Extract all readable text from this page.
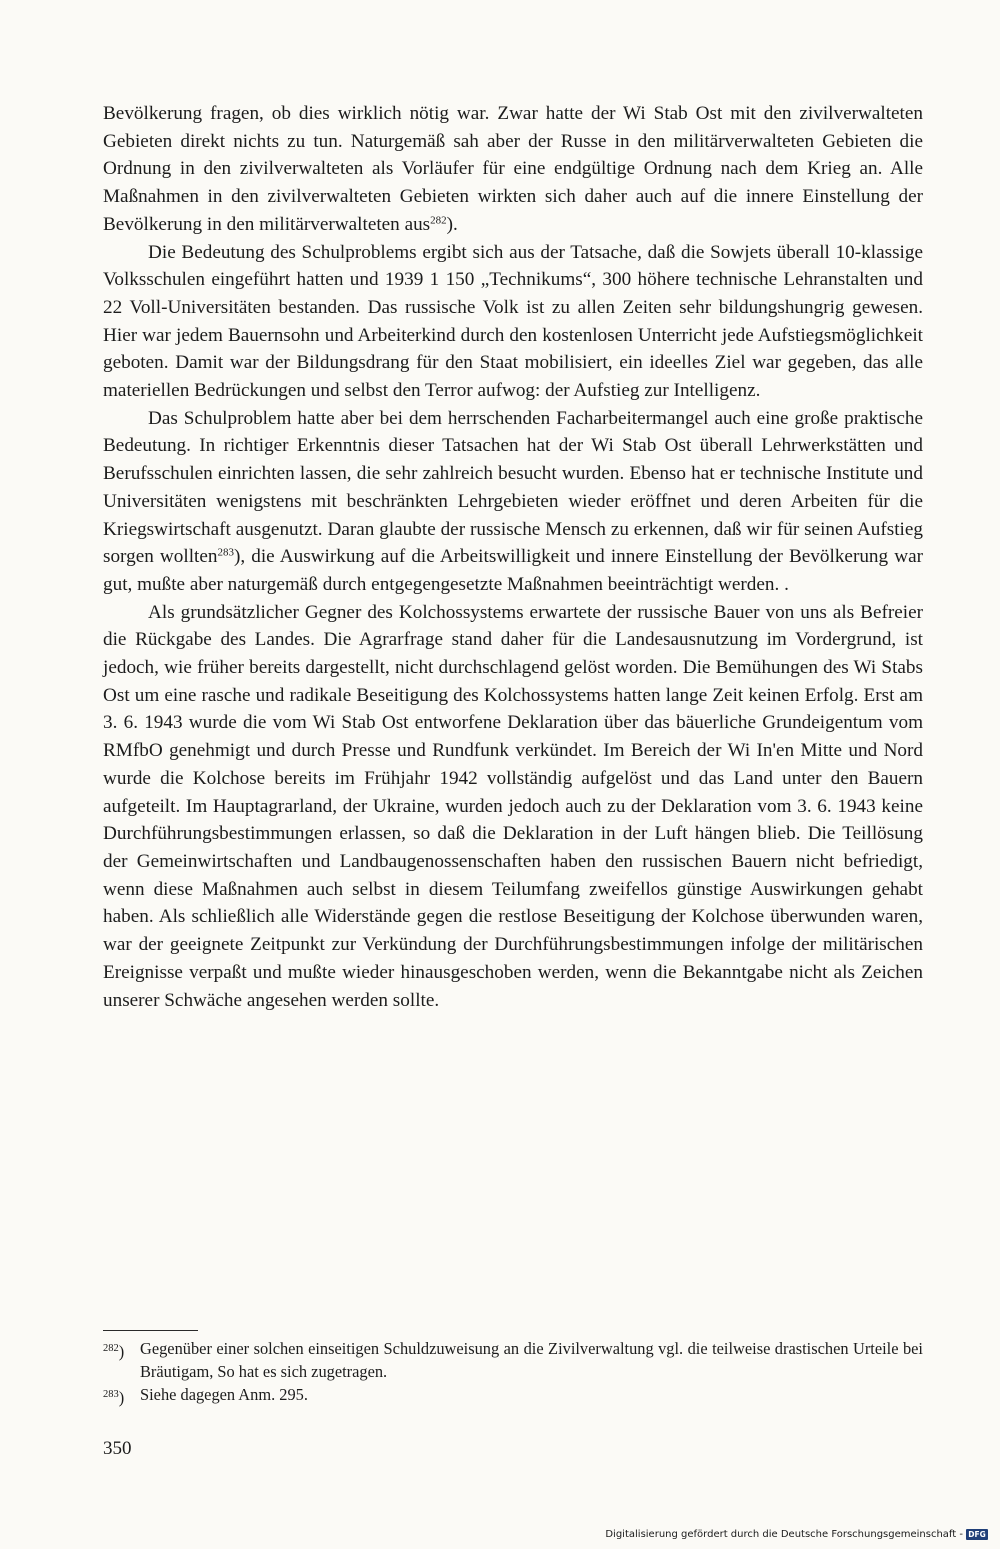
Bevölkerung fragen, ob dies wirklich nötig war. Zwar hatte der Wi Stab Ost mit den zivilverwalteten Gebieten direkt nichts zu tun. Naturgemäß sah aber der Russe in den militärverwalteten Gebieten die Ordnung in den zivilverwalteten als Vorläufer für eine endgültige Ordnung nach dem Krieg an. Alle Maßnahmen in den zivilverwalteten Gebieten wirkten sich daher auch auf die innere Einstellung der Bevölkerung in den militärverwalteten aus$^{282}$).

Die Bedeutung des Schulproblems ergibt sich aus der Tatsache, daß die Sowjets überall 10-klassige Volksschulen eingeführt hatten und 1939 1 150 „Technikums“, 300 höhere technische Lehranstalten und 22 Voll-Universitäten bestanden. Das russische Volk ist zu allen Zeiten sehr bildungshungrig gewesen. Hier war jedem Bauernsohn und Arbeiterkind durch den kostenlosen Unterricht jede Aufstiegsmöglichkeit geboten. Damit war der Bildungsdrang für den Staat mobilisiert, ein ideelles Ziel war gegeben, das alle materiellen Bedrückungen und selbst den Terror aufwog: der Aufstieg zur Intelligenz.

Das Schulproblem hatte aber bei dem herrschenden Facharbeitermangel auch eine große praktische Bedeutung. In richtiger Erkenntnis dieser Tatsachen hat der Wi Stab Ost überall Lehrwerkstätten und Berufsschulen einrichten lassen, die sehr zahlreich besucht wurden. Ebenso hat er technische Institute und Universitäten wenigstens mit beschränkten Lehrgebieten wieder eröffnet und deren Arbeiten für die Kriegswirtschaft ausgenutzt. Daran glaubte der russische Mensch zu erkennen, daß wir für seinen Aufstieg sorgen wollten$^{283}$), die Auswirkung auf die Arbeitswilligkeit und innere Einstellung der Bevölkerung war gut, mußte aber naturgemäß durch entgegengesetzte Maßnahmen beeinträchtigt werden. .

Als grundsätzlicher Gegner des Kolchossystems erwartete der russische Bauer von uns als Befreier die Rückgabe des Landes. Die Agrarfrage stand daher für die Landesausnutzung im Vordergrund, ist jedoch, wie früher bereits dargestellt, nicht durchschlagend gelöst worden. Die Bemühungen des Wi Stabs Ost um eine rasche und radikale Beseitigung des Kolchossystems hatten lange Zeit keinen Erfolg. Erst am 3. 6. 1943 wurde die vom Wi Stab Ost entworfene Deklaration über das bäuerliche Grundeigentum vom RMfbO genehmigt und durch Presse und Rundfunk verkündet. Im Bereich der Wi In'en Mitte und Nord wurde die Kolchose bereits im Frühjahr 1942 vollständig aufgelöst und das Land unter den Bauern aufgeteilt. Im Hauptagrarland, der Ukraine, wurden jedoch auch zu der Deklaration vom 3. 6. 1943 keine Durchführungsbestimmungen erlassen, so daß die Deklaration in der Luft hängen blieb. Die Teillösung der Gemeinwirtschaften und Landbaugenossenschaften haben den russischen Bauern nicht befriedigt, wenn diese Maßnahmen auch selbst in diesem Teilumfang zweifellos günstige Auswirkungen gehabt haben. Als schließlich alle Widerstände gegen die restlose Beseitigung der Kolchose überwunden waren, war der geeignete Zeitpunkt zur Verkündung der Durchführungsbestimmungen infolge der militärischen Ereignisse verpaßt und mußte wieder hinausgeschoben werden, wenn die Bekanntgabe nicht als Zeichen unserer Schwäche angesehen werden sollte.

$^{282}$) Gegenüber einer solchen einseitigen Schuldzuweisung an die Zivilverwaltung vgl. die teilweise drastischen Urteile bei Bräutigam, So hat es sich zugetragen.
$^{283}$) Siehe dagegen Anm. 295.
350
Digitalisierung gefördert durch die Deutsche Forschungsgemeinschaft - DFG
